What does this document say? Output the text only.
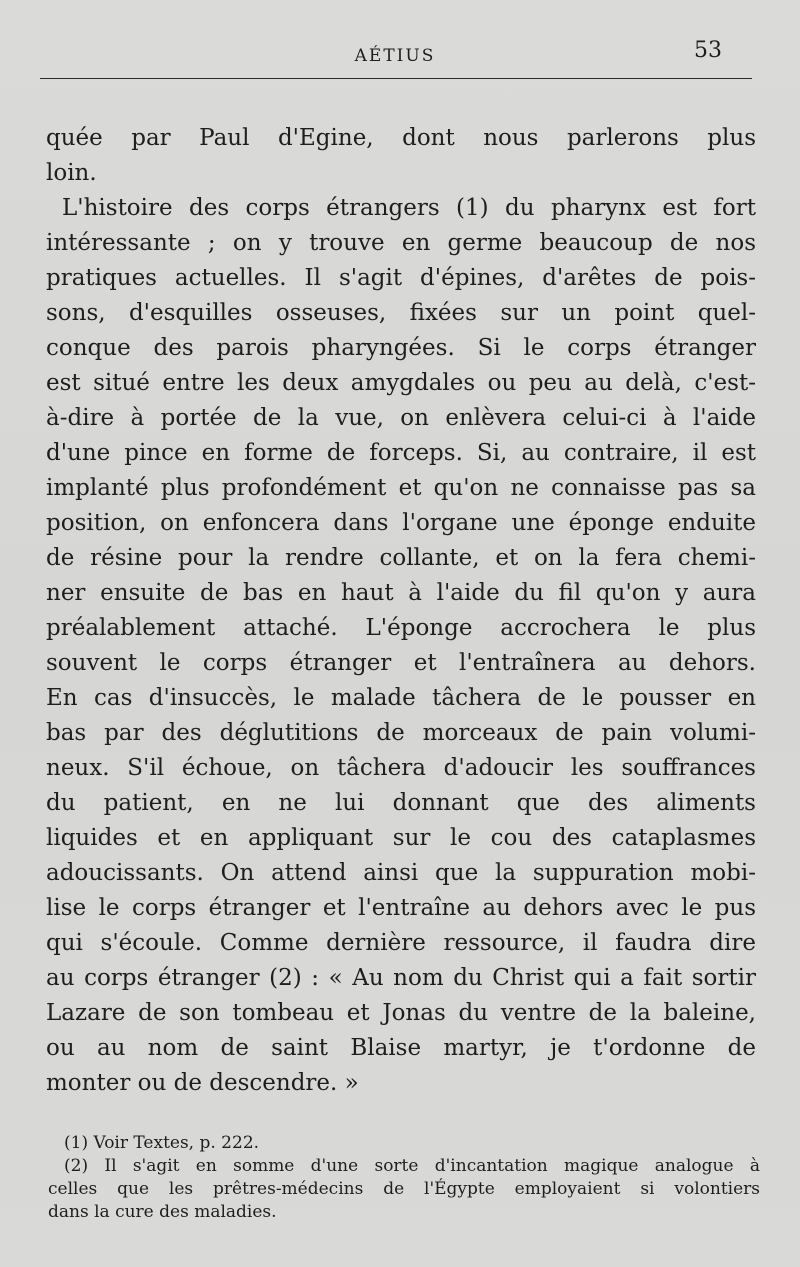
AÉTIUS	53
quée par Paul d'Egine, dont nous parlerons plus
loin.
L'histoire des corps étrangers (1) du pharynx est fort
intéressante ; on y trouve en germe beaucoup de nos
pratiques actuelles. Il s'agit d'épines, d'arêtes de pois-
sons, d'esquilles osseuses, fixées sur un point quel-
conque des parois pharyngées. Si le corps étranger
est situé entre les deux amygdales ou peu au delà, c'est-
à-dire à portée de la vue, on enlèvera celui-ci à l'aide
d'une pince en forme de forceps. Si, au contraire, il est
implanté plus profondément et qu'on ne connaisse pas sa
position, on enfoncera dans l'organe une éponge enduite
de résine pour la rendre collante, et on la fera chemi-
ner ensuite de bas en haut à l'aide du fil qu'on y aura
préalablement attaché. L'éponge accrochera le plus
souvent le corps étranger et l'entraînera au dehors.
En cas d'insuccès, le malade tâchera de le pousser en
bas par des déglutitions de morceaux de pain volumi-
neux. S'il échoue, on tâchera d'adoucir les souffrances
du patient, en ne lui donnant que des aliments
liquides et en appliquant sur le cou des cataplasmes
adoucissants. On attend ainsi que la suppuration mobi-
lise le corps étranger et l'entraîne au dehors avec le pus
qui s'écoule. Comme dernière ressource, il faudra dire
au corps étranger (2) : « Au nom du Christ qui a fait sortir
Lazare de son tombeau et Jonas du ventre de la baleine,
ou au nom de saint Blaise martyr, je t'ordonne de
monter ou de descendre. »
(1) Voir Textes, p. 222.
(2) Il s'agit en somme d'une sorte d'incantation magique analogue à
celles que les prêtres-médecins de l'Égypte employaient si volontiers
dans la cure des maladies.
